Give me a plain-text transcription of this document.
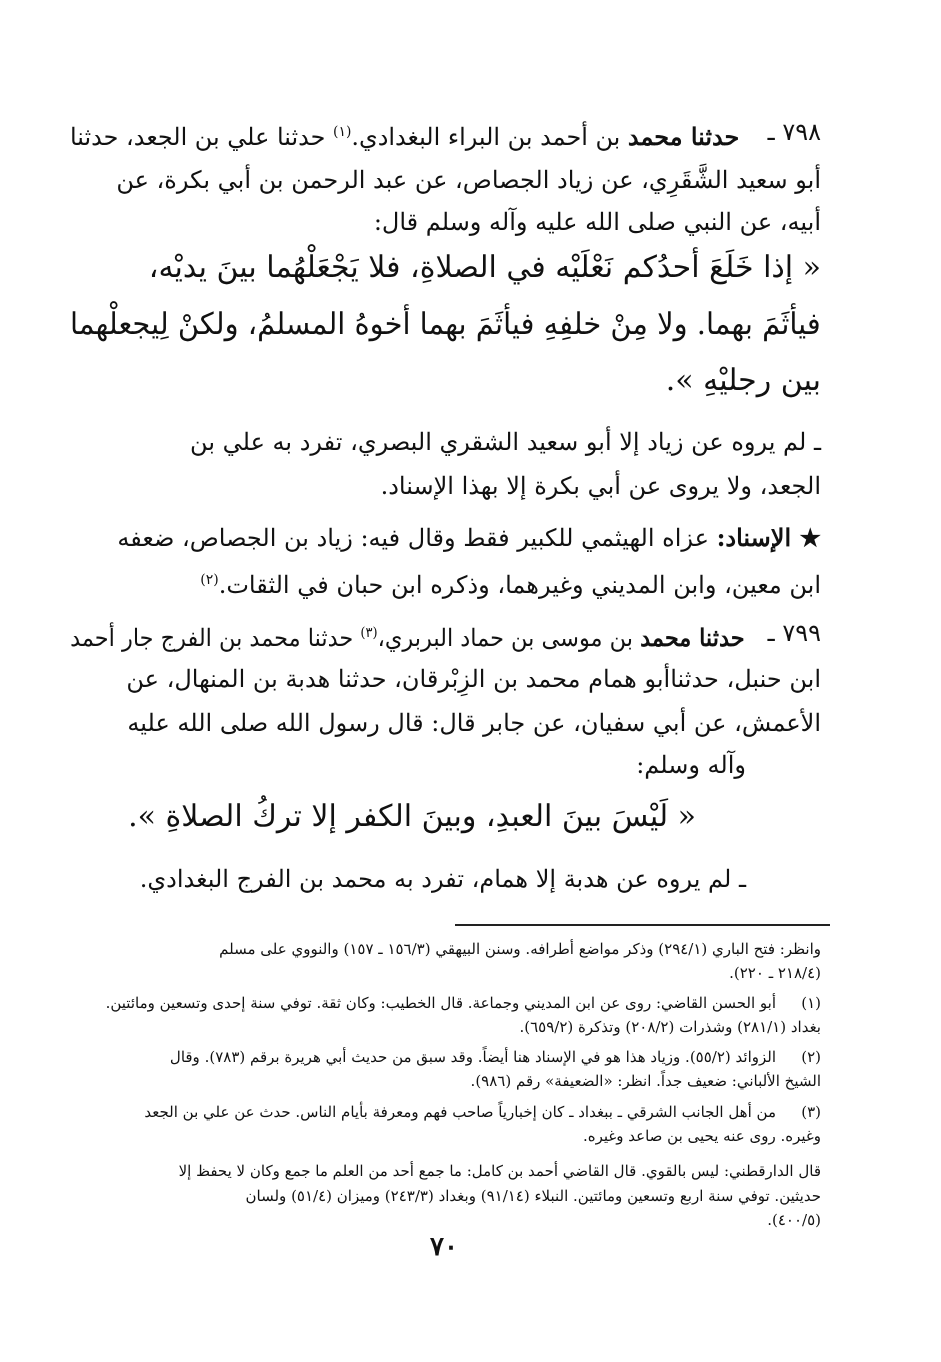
٧٩٨ ـ
حدثنا محمد بن أحمد بن البراء البغدادي.$^{(١)}$ حدثنا علي بن الجعد، حدثنا
أبو سعيد الشَّقَرِي، عن زياد الجصاص، عن عبد الرحمن بن أبي بكرة، عن
أبيه، عن النبي صلى الله عليه وآله وسلم قال:
« إذا خَلَعَ أحدُكم نَعْلَيْه في الصلاةِ، فلا يَجْعَلْهُما بينَ يديْه،
فيأثَمَ بهما. ولا مِنْ خلفِهِ فيأثَمَ بهما أخوهُ المسلمُ، ولكنْ لِيجعلْهما
بين رجليْهِ ».
ـ لم يروه عن زياد إلا أبو سعيد الشقري البصري، تفرد به علي بن
الجعد، ولا يروى عن أبي بكرة إلا بهذا الإسناد.
★ الإسناد: عزاه الهيثمي للكبير فقط وقال فيه: زياد بن الجصاص، ضعفه
ابن معين، وابن المديني وغيرهما، وذكره ابن حبان في الثقات.$^{(٢)}$
٧٩٩ ـ
حدثنا محمد بن موسى بن حماد البربري،$^{(٣)}$ حدثنا محمد بن الفرج جار أحمد
ابن حنبل، حدثناأبو همام محمد بن الزِبْرقان، حدثنا هدبة بن المنهال، عن
الأعمش، عن أبي سفيان، عن جابر قال: قال رسول الله صلى الله عليه
وآله وسلم:
« لَيْسَ بينَ العبدِ، وبينَ الكفر إلا تركُ الصلاةِ ».
ـ لم يروه عن هدبة إلا همام، تفرد به محمد بن الفرج البغدادي.
وانظر: فتح الباري (٢٩٤/١) وذكر مواضع أطرافه. وسنن البيهقي (١٥٦/٣ ـ ١٥٧) والنووي على مسلم
(٢١٨/٤ ـ ٢٢٠).
(١)
أبو الحسن القاضي: روى عن ابن المديني وجماعة. قال الخطيب: وكان ثقة. توفي سنة إحدى وتسعين ومائتين.
بغداد (٢٨١/١) وشذرات (٢٠٨/٢) وتذكرة (٦٥٩/٢).
(٢)
الزوائد (٥٥/٢). وزياد هذا هو في الإسناد هنا أيضاً. وقد سبق من حديث أبي هريرة برقم (٧٨٣). وقال
الشيخ الألباني: ضعيف جداً. انظر: «الضعيفة» رقم (٩٨٦).
(٣)
من أهل الجانب الشرقي ـ ببغداد ـ كان إخبارياً صاحب فهم ومعرفة بأيام الناس. حدث عن علي بن الجعد
وغيره. روى عنه يحيى بن صاعد وغيره.
قال الدارقطني: ليس بالقوي. قال القاضي أحمد بن كامل: ما جمع أحد من العلم ما جمع وكان لا يحفظ إلا
حديثين. توفي سنة اربع وتسعين ومائتين. النبلاء (٩١/١٤) وبغداد (٢٤٣/٣) وميزان (٥١/٤) ولسان
(٤٠٠/٥).
٧٠
